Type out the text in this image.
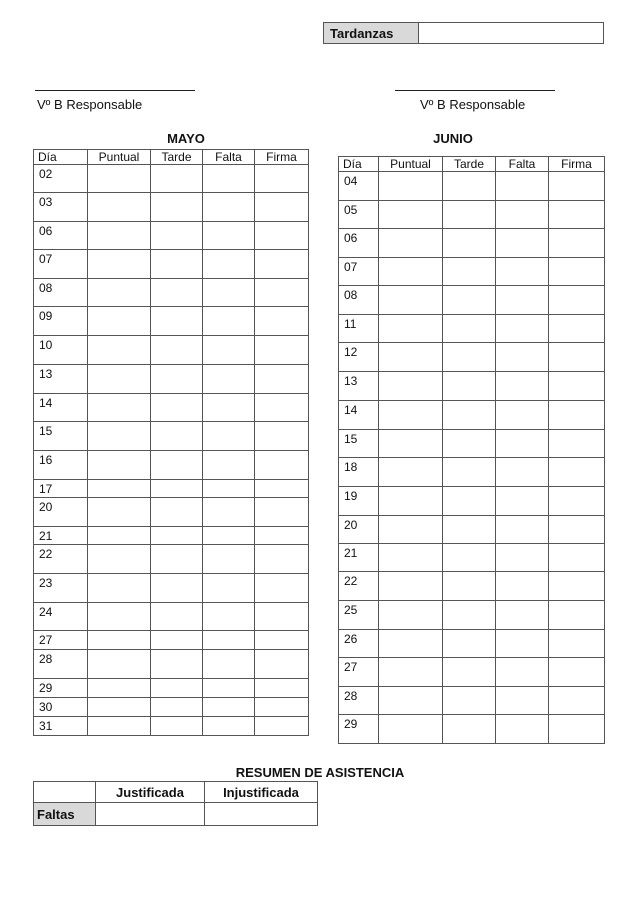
Tardanzas	
Vº B Responsable	Vº B Responsable
MAYO	JUNIO
Día	Puntual	Tarde	Falta	Firma
02				
03				
06				
07				
08				
09				
10				
13				
14				
15				
16				
17				
20				
21				
22				
23				
24				
27				
28				
29				
30				
31				
Día	Puntual	Tarde	Falta	Firma
04				
05				
06				
07				
08				
11				
12				
13				
14				
15				
18				
19				
20				
21				
22				
25				
26				
27				
28				
29				
RESUMEN DE ASISTENCIA
	Justificada	Injustificada
Faltas		
